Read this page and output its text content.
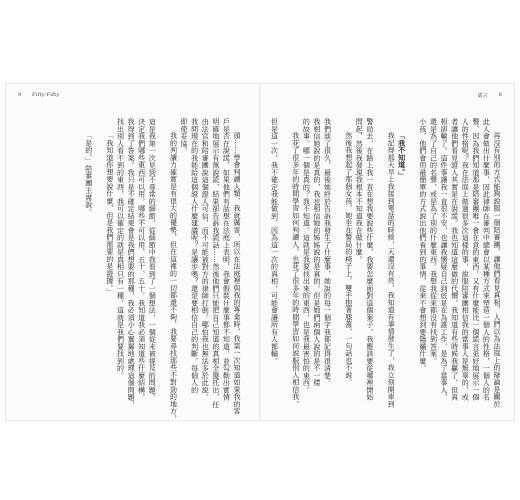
9 Fifty-Fifty
頭……學會判讀人類、我就厲害，所以在法庭裡與我的專業時，我第一次知道如果我的客
戶是否在說謊、如果他們有話想在法庭上表明，我會假裝什麼事都不知道，並勾勒出實情
明確地展示有無說謊，結果卻告訴我謊話……然後他們只能把自己知道的真相全盤托出，任
由法官和陪審團說這個證人可信，而不可能被對方的律師打倒。哪怕我也無法多於此說。
我問現在的我能給這個證人什麼建議呢？是讓步嗎？還是要相信自己的判斷，每個人的
即使妥協。
我的判讀力確實是有很大的優勢，但在這裡的一切都還不夠，我要尋找那些不對勁的地方，
這是我第一次見到不尋常的細節，從細節中我看到了一個想法，一個從未被提及的問題。
決定我們哪些東西可以用，哪些不可以用，五十、五十。我知道我必須知道些什麼結構，
我得到了答案。我只是不確定結果會是我們想要的那種，我必須小心翼翼地處理這個問題，
找出別人看不到的東西，我可以確定的就是真相只有一種，這就是我們要找到的。
「我知道你想要說什麼，但是我們需要的是證據。」
「是的。」陪審團主席說。
謊言 8
再沒有別的方式能夠說服一個陪審團，讓他們看見真相，人們以為法庭上的辯論是關於
此人會做出什麼事，因此律師在審判中總會以某種方式來塑造一個人的性格，一個人的名
聲，因為我們知道那是陪審團唯一會在意的東西。又有什麼能比一個謊言更好地展示一個
人的性格呢？我在法庭上做過很多次這樣的事，說服陪審團相信我的當事人是無辜的，或
者讓他們看見證人其實是在說謊。我也知道這麼做的代價，我知道有些時候我贏了，但真
相卻輸了。這件事讓我一直很不安，也讓我懷疑自己到底是在為誰工作，是為了當事人，
還是為了自己的名聲，或是為了別的什麼東西。我想我從來都沒有找到答案。
小孩，他們會用最簡單的方式說出他們看到的事情，從來不會想到要隱瞞什麼。
「我不知道。」
我記得那天早上我接到電話的時候，天還沒有亮，我知道有事情發生了，我立刻開車到
警局去，在路上我一直在想我要說些什麼，我要怎麼面對這個案子，我應該要從哪裡開始
問起，然後我發現我根本不知道我在做什麼。
然後我想起了那個女孩，她坐在警局的椅子上，雙手抱著膝蓋，一句話也不說。
我們談了很久，最後她終於告訴我發生了什麼事，她說的每一個字我都記得很清楚。
我相信她說的是真的，我也相信她的姊姊說的是真的，但是她們兩個人說的是不一樣
的故事。哪一個是真的？我不知道。這就是我要找出來的東西，也是我最害怕的東西。
我花了很多年的時間學習如何判讀人，也花了很多年的時間學習如何說服別人相信我，
但是這一次，我不確定我能做到，因為這一次的真相，可能會讓所有人都輸。
